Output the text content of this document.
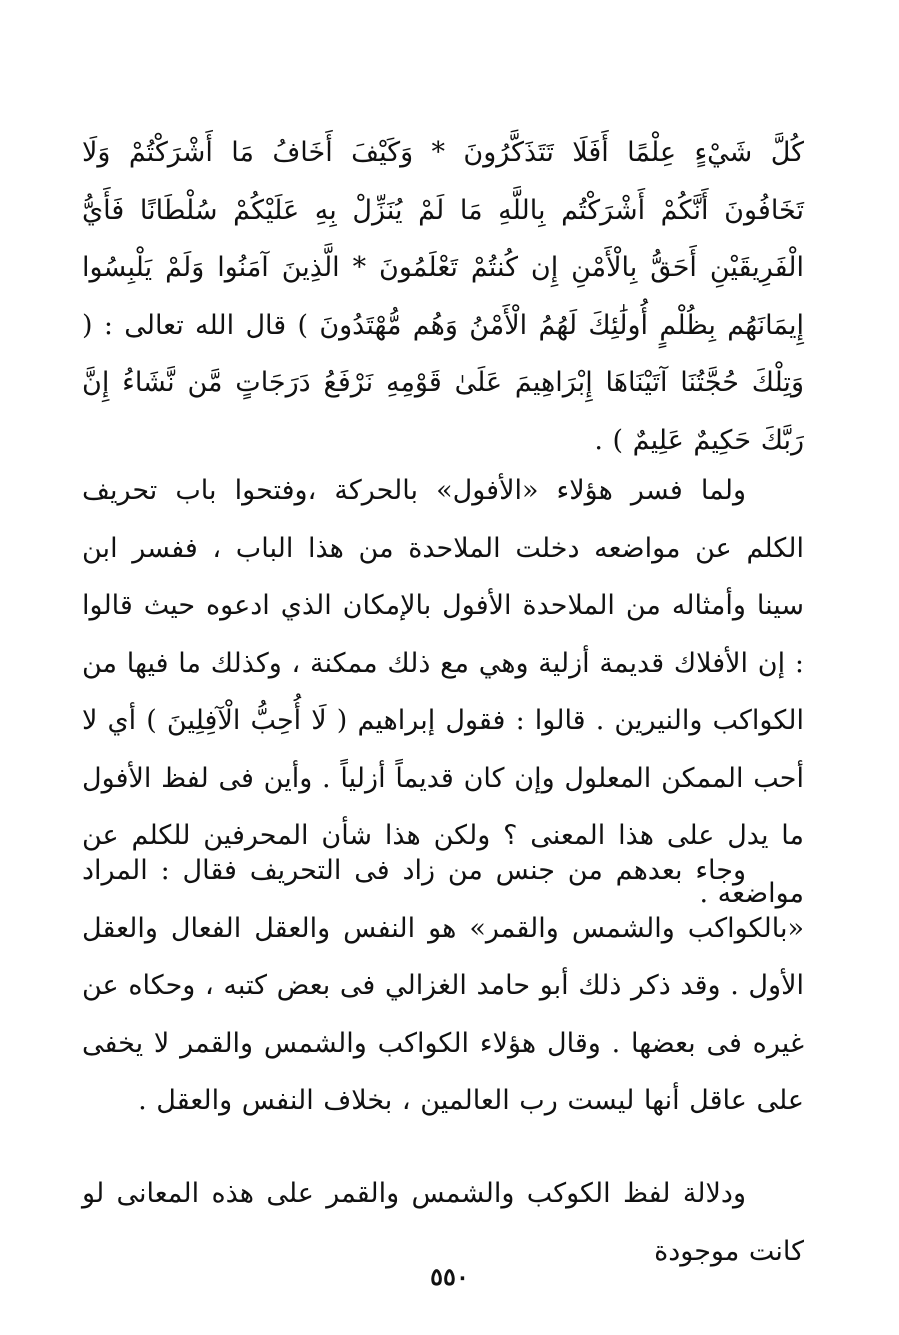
كُلَّ شَيْءٍ عِلْمًا أَفَلَا تَتَذَكَّرُونَ * وَكَيْفَ أَخَافُ مَا أَشْرَكْتُمْ وَلَا تَخَافُونَ أَنَّكُمْ أَشْرَكْتُم بِاللَّهِ مَا لَمْ يُنَزِّلْ بِهِ عَلَيْكُمْ سُلْطَانًا فَأَيُّ الْفَرِيقَيْنِ أَحَقُّ بِالْأَمْنِ إِن كُنتُمْ تَعْلَمُونَ * الَّذِينَ آمَنُوا وَلَمْ يَلْبِسُوا إِيمَانَهُم بِظُلْمٍ أُولَٰئِكَ لَهُمُ الْأَمْنُ وَهُم مُّهْتَدُونَ ) قال الله تعالى : ( وَتِلْكَ حُجَّتُنَا آتَيْنَاهَا إِبْرَاهِيمَ عَلَىٰ قَوْمِهِ نَرْفَعُ دَرَجَاتٍ مَّن نَّشَاءُ إِنَّ رَبَّكَ حَكِيمٌ عَلِيمٌ ) .

ولما فسر هؤلاء «الأفول» بالحركة ،وفتحوا باب تحريف الكلم عن مواضعه دخلت الملاحدة من هذا الباب ، ففسر ابن سينا وأمثاله من الملاحدة الأفول بالإمكان الذي ادعوه حيث قالوا : إن الأفلاك قديمة أزلية وهي مع ذلك ممكنة ، وكذلك ما فيها من الكواكب والنيرين . قالوا : فقول إبراهيم ( لَا أُحِبُّ الْآفِلِينَ ) أي لا أحب الممكن المعلول وإن كان قديماً أزلياً . وأين فى لفظ الأفول ما يدل على هذا المعنى ؟ ولكن هذا شأن المحرفين للكلم عن مواضعه .

وجاء بعدهم من جنس من زاد فى التحريف فقال : المراد «بالكواكب والشمس والقمر» هو النفس والعقل الفعال والعقل الأول . وقد ذكر ذلك أبو حامد الغزالي فى بعض كتبه ، وحكاه عن غيره فى بعضها . وقال هؤلاء الكواكب والشمس والقمر لا يخفى على عاقل أنها ليست رب العالمين ، بخلاف النفس والعقل .

ودلالة لفظ الكوكب والشمس والقمر على هذه المعانى لو كانت موجودة

٥٥٠
